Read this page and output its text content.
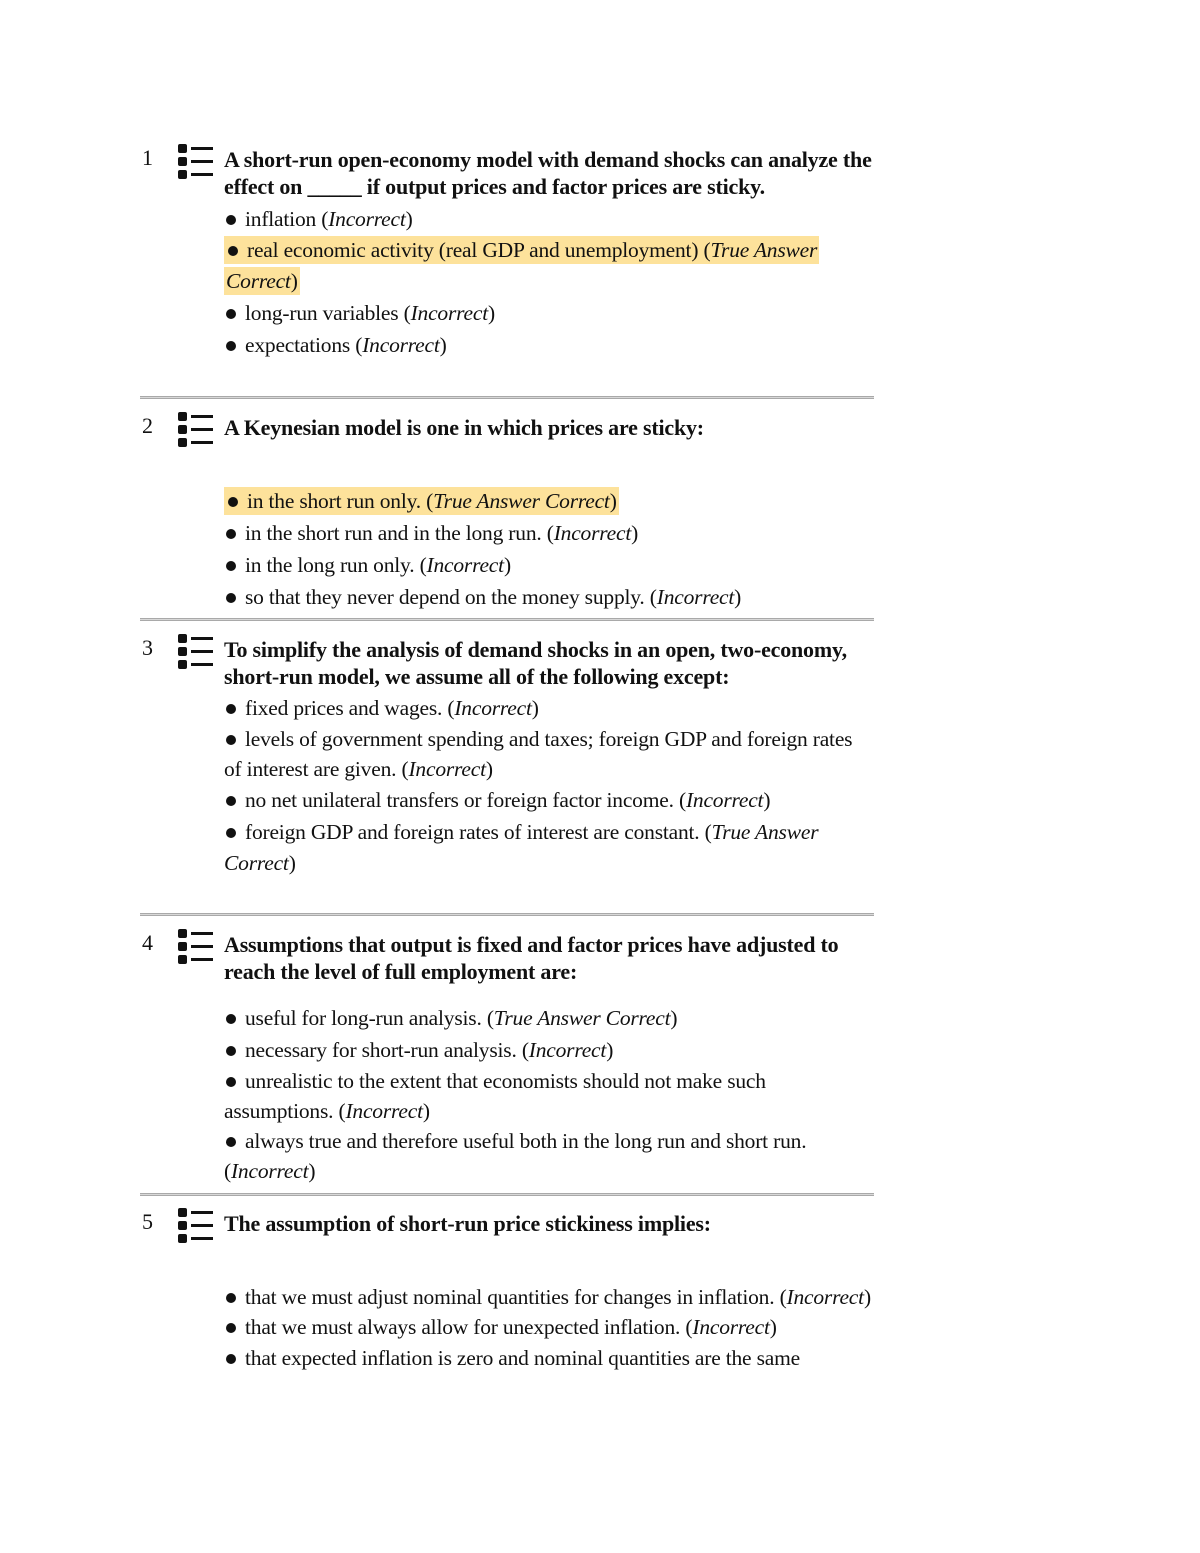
1	A short-run open-economy model with demand shocks can analyze the effect on _____ if output prices and factor prices are sticky.
inflation (Incorrect)
real economic activity (real GDP and unemployment) (True Answer Correct)
long-run variables (Incorrect)
expectations (Incorrect)
2	A Keynesian model is one in which prices are sticky:
in the short run only. (True Answer Correct)
in the short run and in the long run. (Incorrect)
in the long run only. (Incorrect)
so that they never depend on the money supply. (Incorrect)
3	To simplify the analysis of demand shocks in an open, two-economy, short-run model, we assume all of the following except:
fixed prices and wages. (Incorrect)
levels of government spending and taxes; foreign GDP and foreign rates of interest are given. (Incorrect)
no net unilateral transfers or foreign factor income. (Incorrect)
foreign GDP and foreign rates of interest are constant. (True Answer Correct)
4	Assumptions that output is fixed and factor prices have adjusted to reach the level of full employment are:
useful for long-run analysis. (True Answer Correct)
necessary for short-run analysis. (Incorrect)
unrealistic to the extent that economists should not make such assumptions. (Incorrect)
always true and therefore useful both in the long run and short run. (Incorrect)
5	The assumption of short-run price stickiness implies:
that we must adjust nominal quantities for changes in inflation. (Incorrect)
that we must always allow for unexpected inflation. (Incorrect)
that expected inflation is zero and nominal quantities are the same
